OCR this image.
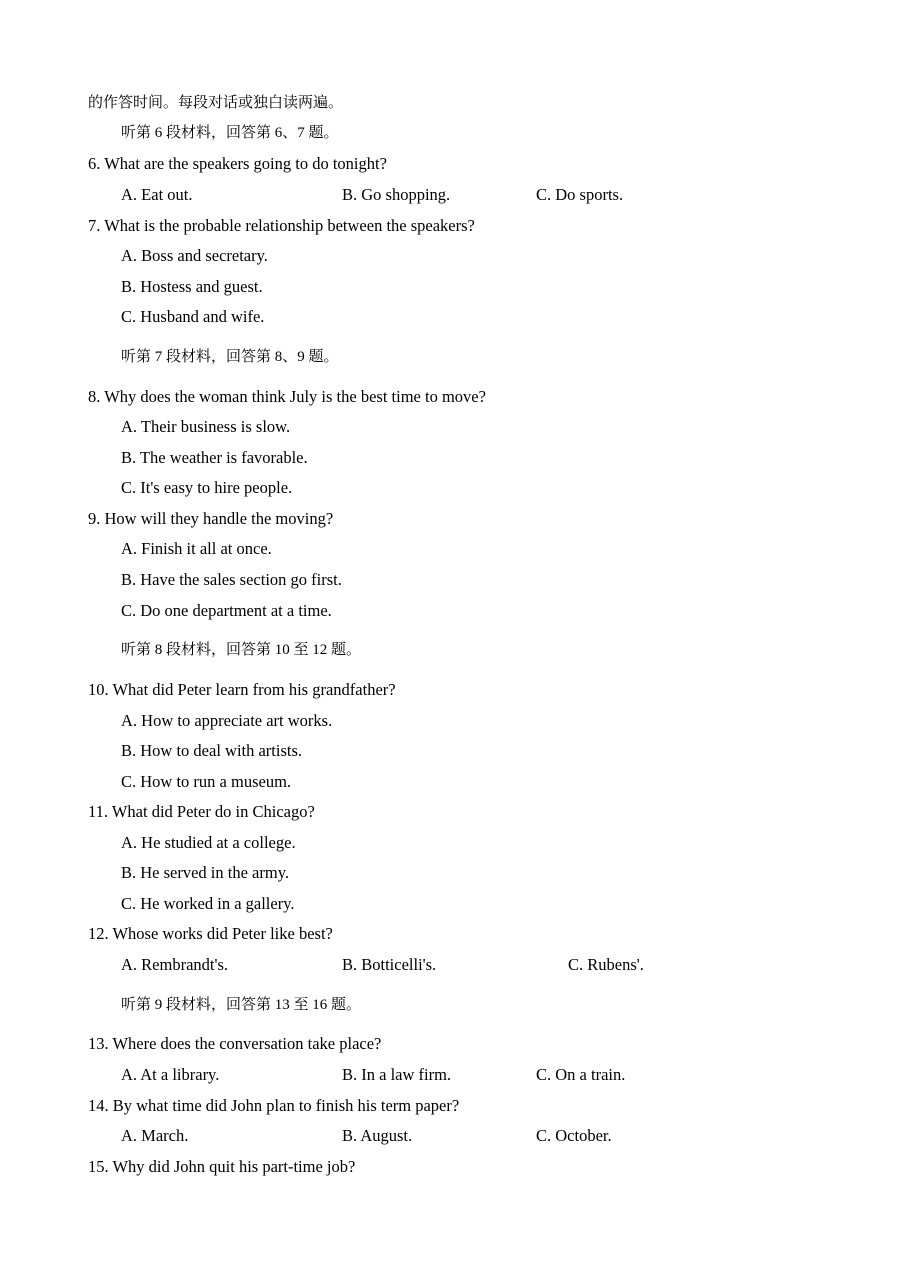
的作答时间。每段对话或独白读两遍。
听第 6 段材料，回答第 6、7 题。
6. What are the speakers going to do tonight?
A. Eat out.	B. Go shopping.	C. Do sports.
7. What is the probable relationship between the speakers?
A. Boss and secretary.
B. Hostess and guest.
C. Husband and wife.
听第 7 段材料，回答第 8、9 题。
8. Why does the woman think July is the best time to move?
A. Their business is slow.
B. The weather is favorable.
C. It's easy to hire people.
9. How will they handle the moving?
A. Finish it all at once.
B. Have the sales section go first.
C. Do one department at a time.
听第 8 段材料，回答第 10 至 12 题。
10. What did Peter learn from his grandfather?
A. How to appreciate art works.
B. How to deal with artists.
C. How to run a museum.
11. What did Peter do in Chicago?
A. He studied at a college.
B. He served in the army.
C. He worked in a gallery.
12. Whose works did Peter like best?
A. Rembrandt's.	B. Botticelli's.	C. Rubens'.
听第 9 段材料，回答第 13 至 16 题。
13. Where does the conversation take place?
A. At a library.	B. In a law firm.	C. On a train.
14. By what time did John plan to finish his term paper?
A. March.	B. August.	C. October.
15. Why did John quit his part-time job?
